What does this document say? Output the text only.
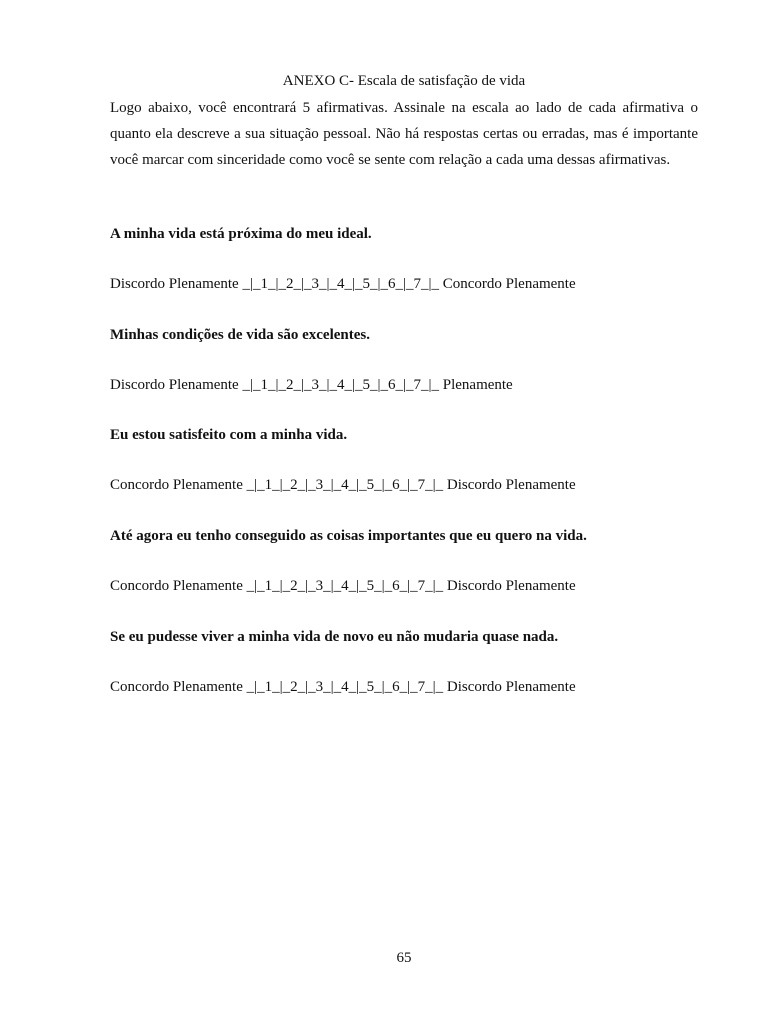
ANEXO C- Escala de satisfação de vida

Logo abaixo, você encontrará 5 afirmativas. Assinale na escala ao lado de cada afirmativa o quanto ela descreve a sua situação pessoal. Não há respostas certas ou erradas, mas é importante você marcar com sinceridade como você se sente com relação a cada uma dessas afirmativas.

A minha vida está próxima do meu ideal.

Discordo Plenamente _|_1_|_2_|_3_|_4_|_5_|_6_|_7_|_ Concordo Plenamente

Minhas condições de vida são excelentes.

Discordo Plenamente _|_1_|_2_|_3_|_4_|_5_|_6_|_7_|_ Plenamente

Eu estou satisfeito com a minha vida.

Concordo Plenamente _|_1_|_2_|_3_|_4_|_5_|_6_|_7_|_ Discordo Plenamente

Até agora eu tenho conseguido as coisas importantes que eu quero na vida.

Concordo Plenamente _|_1_|_2_|_3_|_4_|_5_|_6_|_7_|_ Discordo Plenamente

Se eu pudesse viver a minha vida de novo eu não mudaria quase nada.

Concordo Plenamente _|_1_|_2_|_3_|_4_|_5_|_6_|_7_|_ Discordo Plenamente
65
